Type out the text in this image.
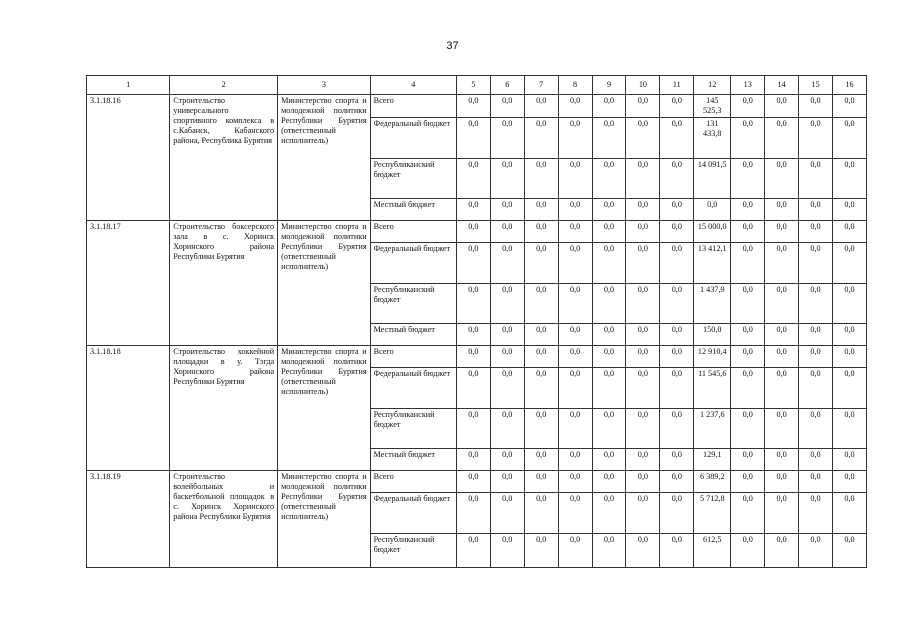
37
1	2	3	4	5	6	7	8	9	10	11	12	13	14	15	16
3.1.18.16	Строительство универсального спортивного комплекса в с.Кабанск, Кабанского района, Республика Бурятия	Министерство спорта и молодежной политики Республики Бурятия (ответственный исполнитель)	Всего	0,0	0,0	0,0	0,0	0,0	0,0	0,0	145 525,3	0,0	0,0	0,0	0,0
			Федеральный бюджет	0,0	0,0	0,0	0,0	0,0	0,0	0,0	131 433,8	0,0	0,0	0,0	0,0
			Республиканский бюджет	0,0	0,0	0,0	0,0	0,0	0,0	0,0	14 091,5	0,0	0,0	0,0	0,0
			Местный бюджет	0,0	0,0	0,0	0,0	0,0	0,0	0,0	0,0	0,0	0,0	0,0	0,0
3.1.18.17	Строительство боксерского зала в с. Хоринск Хоринского района Республики Бурятия	Министерство спорта и молодежной политики Республики Бурятия (ответственный исполнитель)	Всего	0,0	0,0	0,0	0,0	0,0	0,0	0,0	15 000,0	0,0	0,0	0,0	0,0
			Федеральный бюджет	0,0	0,0	0,0	0,0	0,0	0,0	0,0	13 412,1	0,0	0,0	0,0	0,0
			Республиканский бюджет	0,0	0,0	0,0	0,0	0,0	0,0	0,0	1 437,9	0,0	0,0	0,0	0,0
			Местный бюджет	0,0	0,0	0,0	0,0	0,0	0,0	0,0	150,0	0,0	0,0	0,0	0,0
3.1.18.18	Строительство хоккейной площадки в у. Тэгда Хоринского района Республики Бурятия	Министерство спорта и молодежной политики Республики Бурятия (ответственный исполнитель)	Всего	0,0	0,0	0,0	0,0	0,0	0,0	0,0	12 910,4	0,0	0,0	0,0	0,0
			Федеральный бюджет	0,0	0,0	0,0	0,0	0,0	0,0	0,0	11 545,6	0,0	0,0	0,0	0,0
			Республиканский бюджет	0,0	0,0	0,0	0,0	0,0	0,0	0,0	1 237,6	0,0	0,0	0,0	0,0
			Местный бюджет	0,0	0,0	0,0	0,0	0,0	0,0	0,0	129,1	0,0	0,0	0,0	0,0
3.1.18.19	Строительство волейбольных и баскетбольной площадок в с. Хоринск Хоринского района Республики Бурятия	Министерство спорта и молодежной политики Республики Бурятия (ответственный исполнитель)	Всего	0,0	0,0	0,0	0,0	0,0	0,0	0,0	6 389,2	0,0	0,0	0,0	0,0
			Федеральный бюджет	0,0	0,0	0,0	0,0	0,0	0,0	0,0	5 712,8	0,0	0,0	0,0	0,0
			Республиканский бюджет	0,0	0,0	0,0	0,0	0,0	0,0	0,0	612,5	0,0	0,0	0,0	0,0
